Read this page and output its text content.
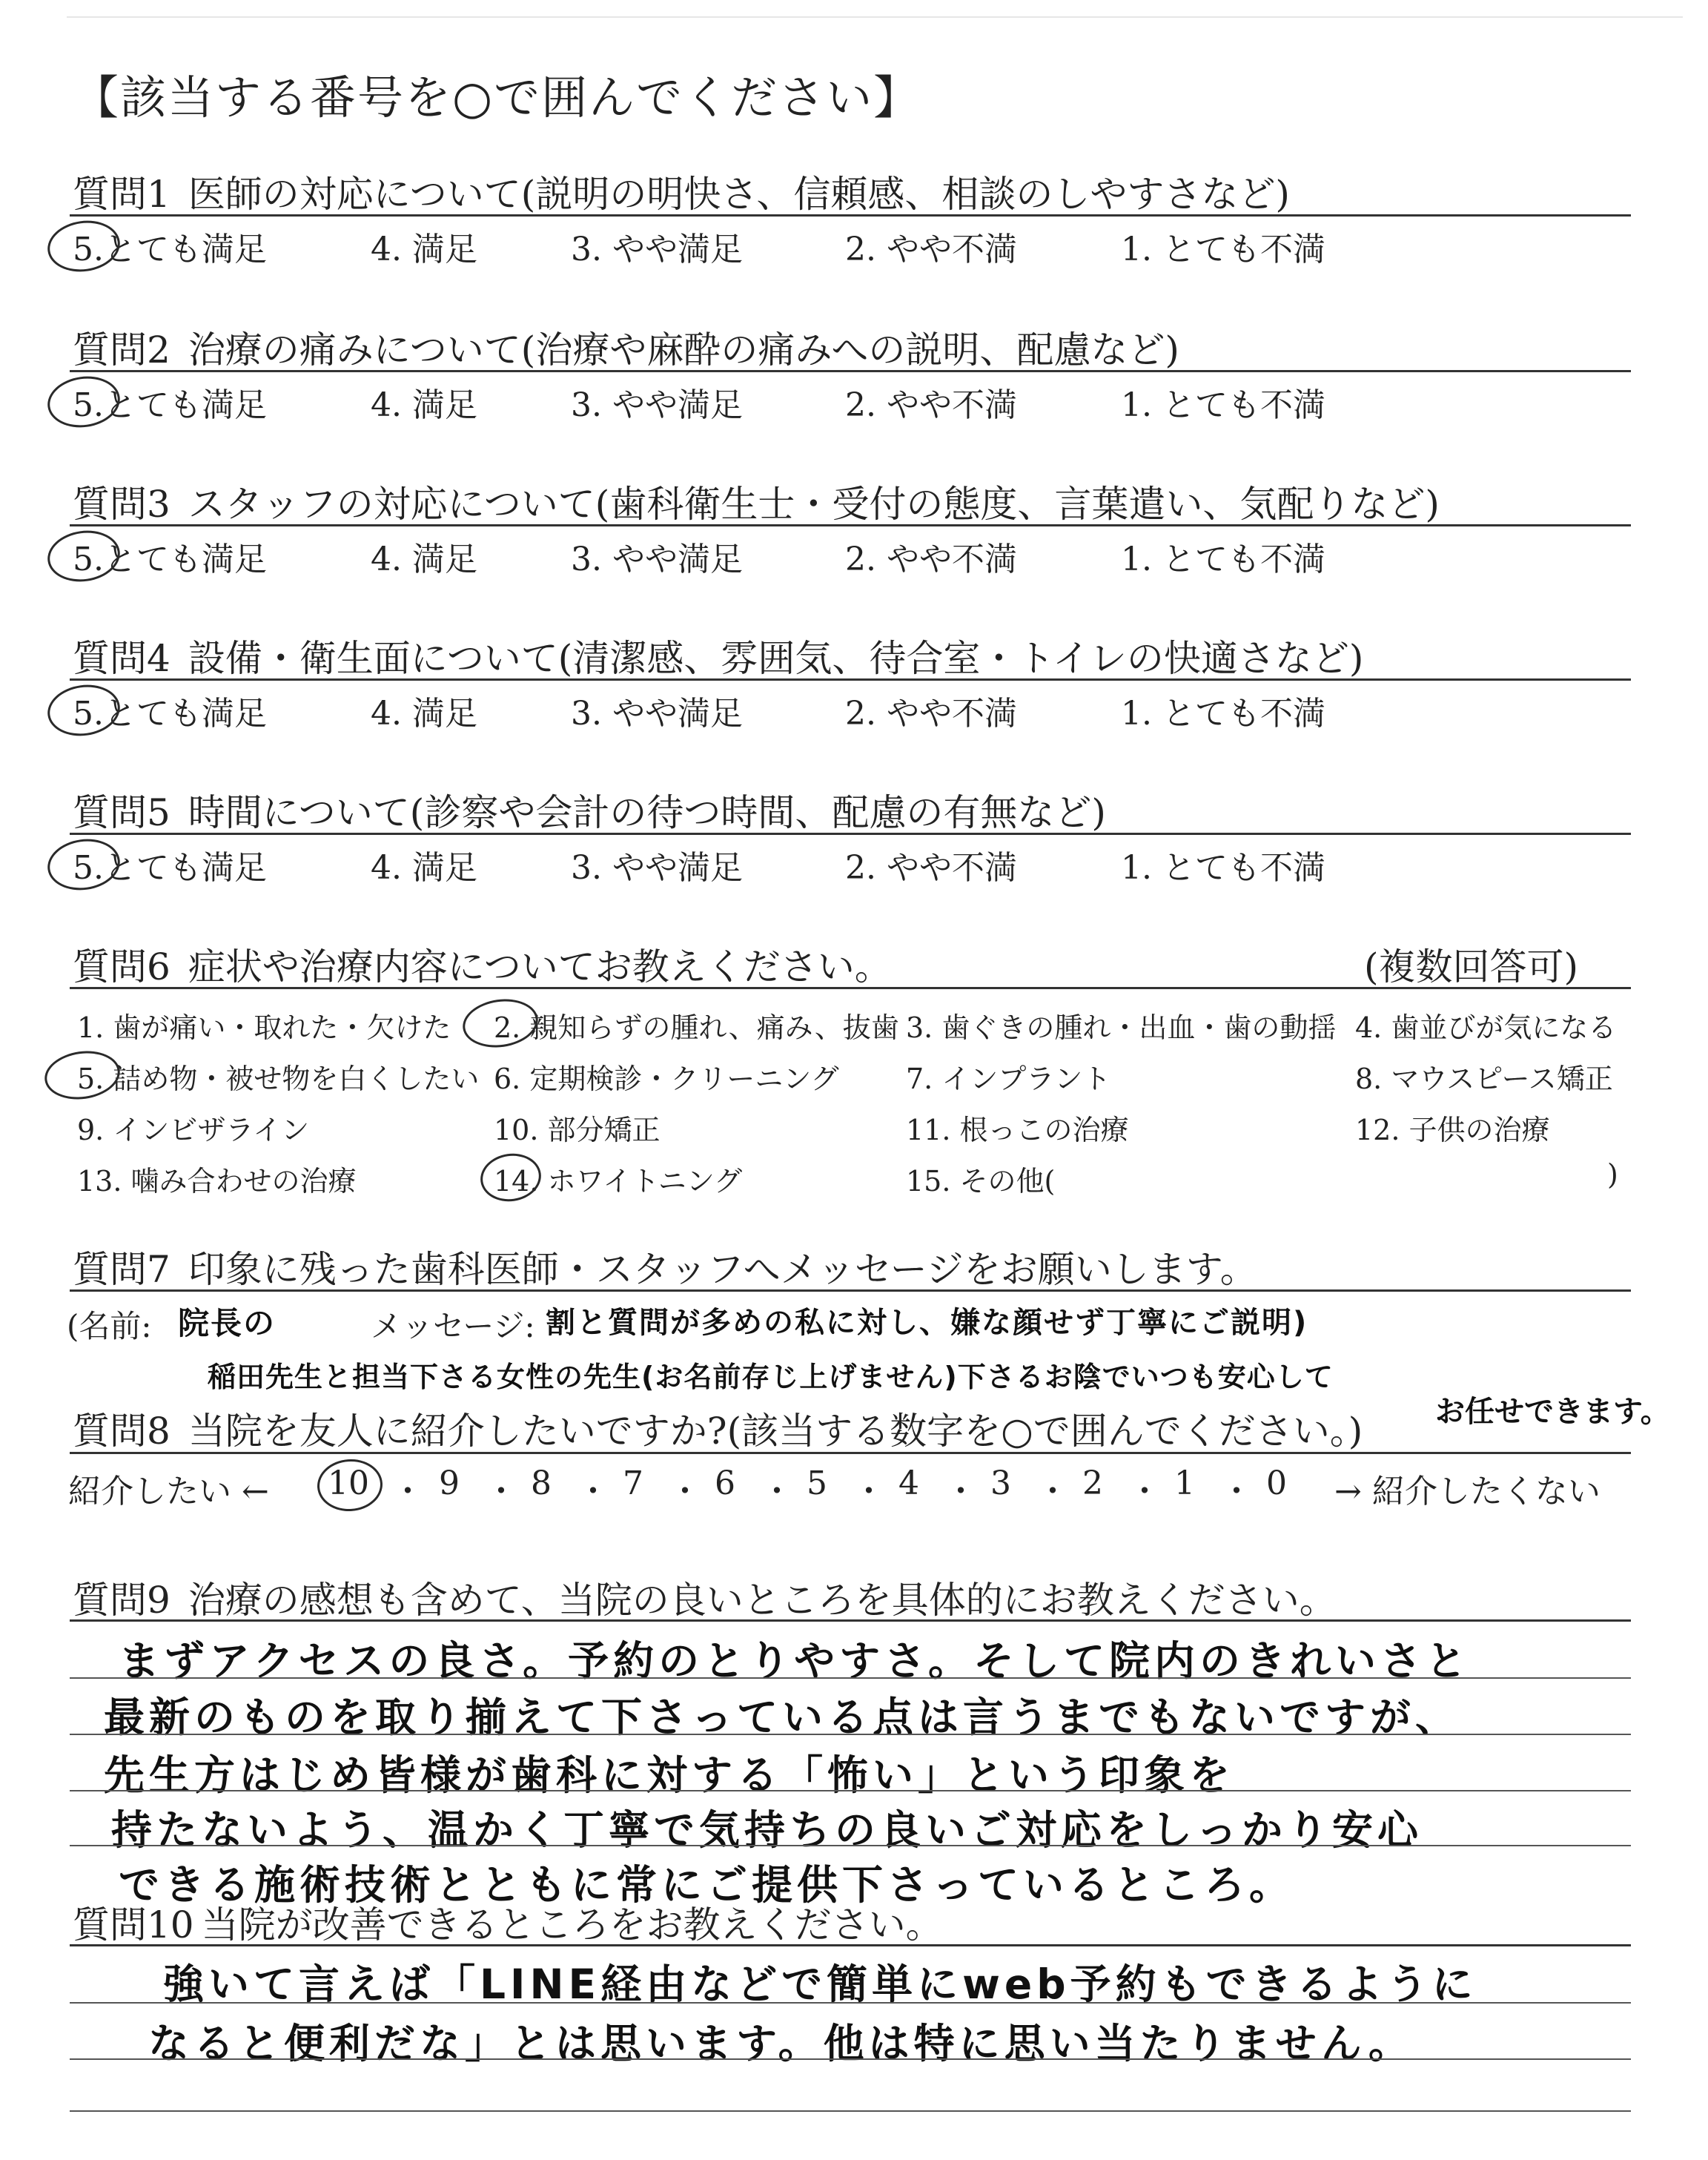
【該当する番号を○で囲んでください】
質問1 医師の対応について(説明の明快さ、信頼感、相談のしやすさなど)
5.とても満足	4. 満足	3. やや満足	2. やや不満	1. とても不満
質問2 治療の痛みについて(治療や麻酔の痛みへの説明、配慮など)
5.とても満足	4. 満足	3. やや満足	2. やや不満	1. とても不満
質問3 スタッフの対応について(歯科衛生士・受付の態度、言葉遣い、気配りなど)
5.とても満足	4. 満足	3. やや満足	2. やや不満	1. とても不満
質問4 設備・衛生面について(清潔感、雰囲気、待合室・トイレの快適さなど)
5.とても満足	4. 満足	3. やや満足	2. やや不満	1. とても不満
質問5 時間について(診察や会計の待つ時間、配慮の有無など)
5.とても満足	4. 満足	3. やや満足	2. やや不満	1. とても不満
質問6 症状や治療内容についてお教えください。	(複数回答可)
1. 歯が痛い・取れた・欠けた 2. 親知らずの腫れ、痛み、抜歯 3. 歯ぐきの腫れ・出血・歯の動揺 4. 歯並びが気になる
5. 詰め物・被せ物を白くしたい 6. 定期検診・クリーニング 7. インプラント	8. マウスピース矯正
9. インビザライン	10. 部分矯正	11. 根っこの治療	12. 子供の治療
13. 噛み合わせの治療	14. ホワイトニング	15. その他(	)
質問7 印象に残った歯科医師・スタッフへメッセージをお願いします。
(名前: 院長の	メッセージ: 割と質問が多めの私に対し、嫌な顔せず丁寧にご説明)
稲田先生と担当下さる女性の先生(お名前存じ上げません)下さるお陰でいつも安心して
質問8 当院を友人に紹介したいですか?(該当する数字を○で囲んでください。) お任せできます。
紹介したい ←	→ 紹介したくない
10 ・ 9 ・ 8 ・ 7 ・ 6 ・ 5 ・ 4 ・ 3 ・ 2 ・ 1 ・ 0
質問9 治療の感想も含めて、当院の良いところを具体的にお教えください。
まずアクセスの良さ。予約のとりやすさ。そして院内のきれいさと
最新のものを取り揃えて下さっている点は言うまでもないですが、
先生方はじめ皆様が歯科に対する「怖い」という印象を
持たないよう、温かく丁寧で気持ちの良いご対応をしっかり安心
できる施術技術とともに常にご提供下さっているところ。
質問10 当院が改善できるところをお教えください。
強いて言えば「LINE経由などで簡単にweb予約もできるように
なると便利だな」とは思います。他は特に思い当たりません。
